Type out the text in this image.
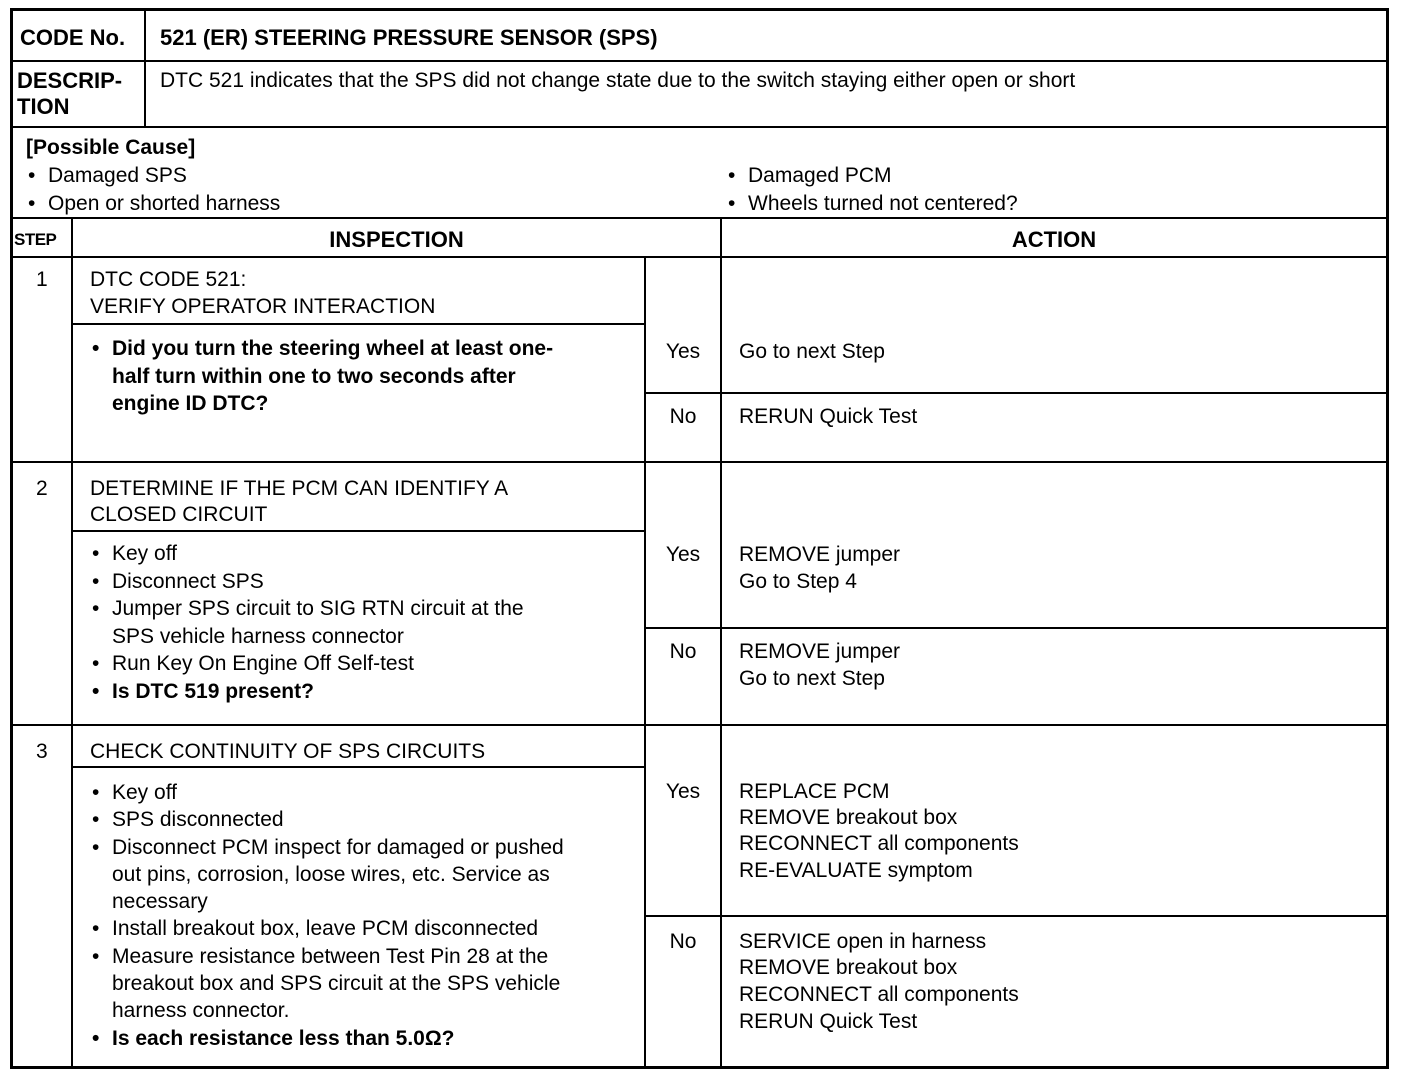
CODE No. 521 (ER) STEERING PRESSURE SENSOR (SPS)
DESCRIP-
TION
DTC 521 indicates that the SPS did not change state due to the switch staying either open or short
[Possible Cause]
• Damaged SPS
• Open or shorted harness
• Damaged PCM
• Wheels turned not centered?
STEP	INSPECTION	ACTION
1 DTC CODE 521:
VERIFY OPERATOR INTERACTION
• Did you turn the steering wheel at least one-
half turn within one to two seconds after
engine ID DTC?
Yes	Go to next Step
No	RERUN Quick Test
2 DETERMINE IF THE PCM CAN IDENTIFY A
CLOSED CIRCUIT
• Key off
• Disconnect SPS
• Jumper SPS circuit to SIG RTN circuit at the
SPS vehicle harness connector
• Run Key On Engine Off Self-test
• Is DTC 519 present?
Yes	REMOVE jumper
Go to Step 4
No	REMOVE jumper
Go to next Step
3 CHECK CONTINUITY OF SPS CIRCUITS
• Key off
• SPS disconnected
• Disconnect PCM inspect for damaged or pushed
out pins, corrosion, loose wires, etc. Service as
necessary
• Install breakout box, leave PCM disconnected
• Measure resistance between Test Pin 28 at the
breakout box and SPS circuit at the SPS vehicle
harness connector.
• Is each resistance less than 5.0Ω?
Yes	REPLACE PCM
REMOVE breakout box
RECONNECT all components
RE-EVALUATE symptom
No	SERVICE open in harness
REMOVE breakout box
RECONNECT all components
RERUN Quick Test
